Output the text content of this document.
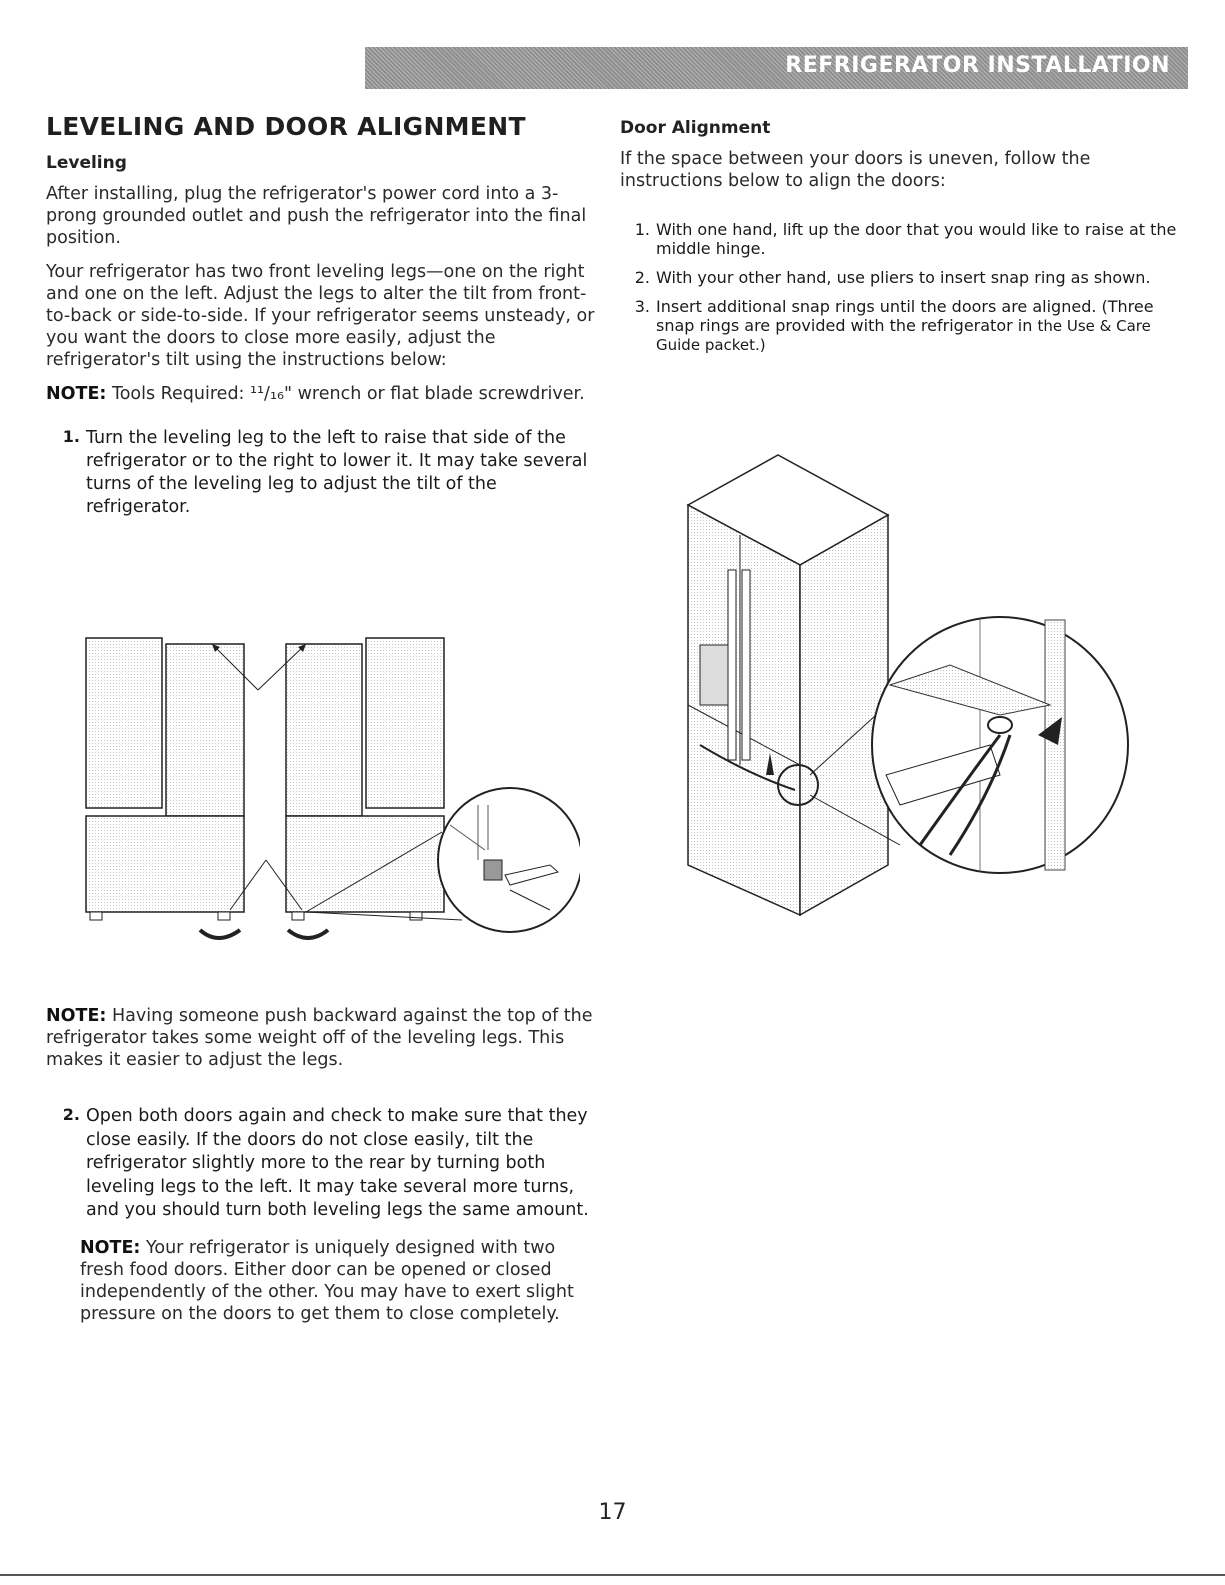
REFRIGERATOR INSTALLATION
LEVELING AND DOOR ALIGNMENT
Leveling

After installing, plug the refrigerator's power cord into a 3-prong grounded outlet and push the refrigerator into the final position.

Your refrigerator has two front leveling legs—one on the right and one on the left. Adjust the legs to alter the tilt from front-to-back or side-to-side. If your refrigerator seems unsteady, or you want the doors to close more easily, adjust the refrigerator's tilt using the instructions below:

NOTE: Tools Required: ¹¹/₁₆" wrench or flat blade screwdriver.

1. Turn the leveling leg to the left to raise that side of the refrigerator or to the right to lower it. It may take several turns of the leveling leg to adjust the tilt of the refrigerator.

NOTE: Having someone push backward against the top of the refrigerator takes some weight off of the leveling legs. This makes it easier to adjust the legs.

2. Open both doors again and check to make sure that they close easily. If the doors do not close easily, tilt the refrigerator slightly more to the rear by turning both leveling legs to the left. It may take several more turns, and you should turn both leveling legs the same amount.

NOTE: Your refrigerator is uniquely designed with two fresh food doors. Either door can be opened or closed independently of the other. You may have to exert slight pressure on the doors to get them to close completely.

Door Alignment

If the space between your doors is uneven, follow the instructions below to align the doors:

1. With one hand, lift up the door that you would like to raise at the middle hinge.
2. With your other hand, use pliers to insert snap ring as shown.
3. Insert additional snap rings until the doors are aligned. (Three snap rings are provided with the refrigerator in the Use & Care Guide packet.)
17
